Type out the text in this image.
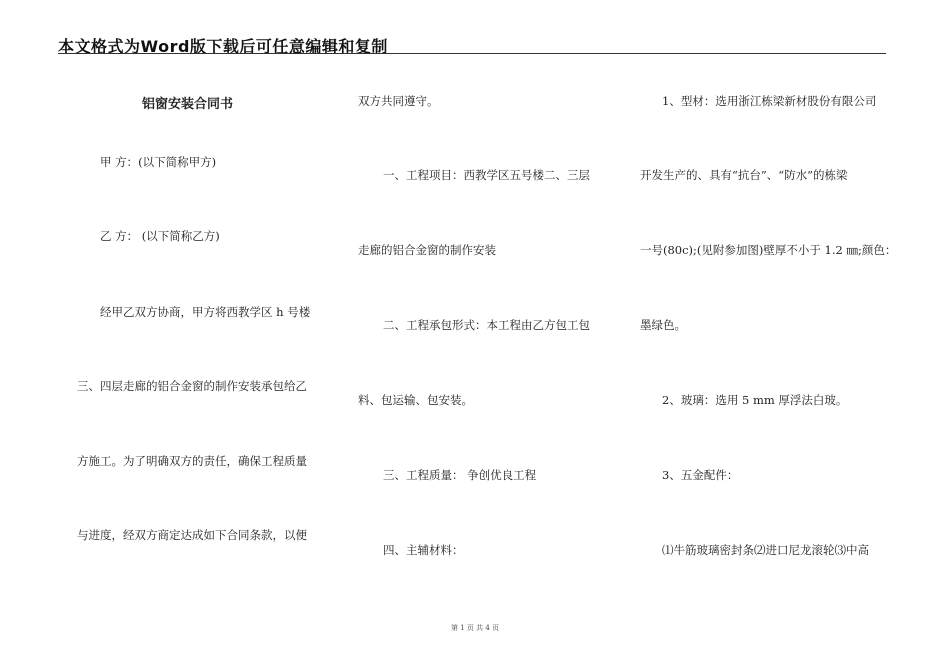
本文格式为Word版下载后可任意编辑和复制
铝窗安装合同书
甲 方：(以下简称甲方)
乙 方： (以下简称乙方)
经甲乙双方协商，甲方将西教学区 h 号楼
三、四层走廊的铝合金窗的制作安装承包给乙
方施工。为了明确双方的责任，确保工程质量
与进度，经双方商定达成如下合同条款，以便
双方共同遵守。
一、工程项目：西教学区五号楼二、三层
走廊的铝合金窗的制作安装
二、工程承包形式：本工程由乙方包工包
料、包运输、包安装。
三、工程质量： 争创优良工程
四、主辅材料：
1、型材：选用浙江栋梁新材股份有限公司
开发生产的、具有“抗台”、“防水”的栋梁
一号(80c);(见附参加图)壁厚不小于 1.2 ㎜;颜色：
墨绿色。
2、玻璃：选用 5 mm 厚浮法白玻。
3、五金配件：
⑴牛筋玻璃密封条⑵进口尼龙滚轮⑶中高
第 1 页 共 4 页
